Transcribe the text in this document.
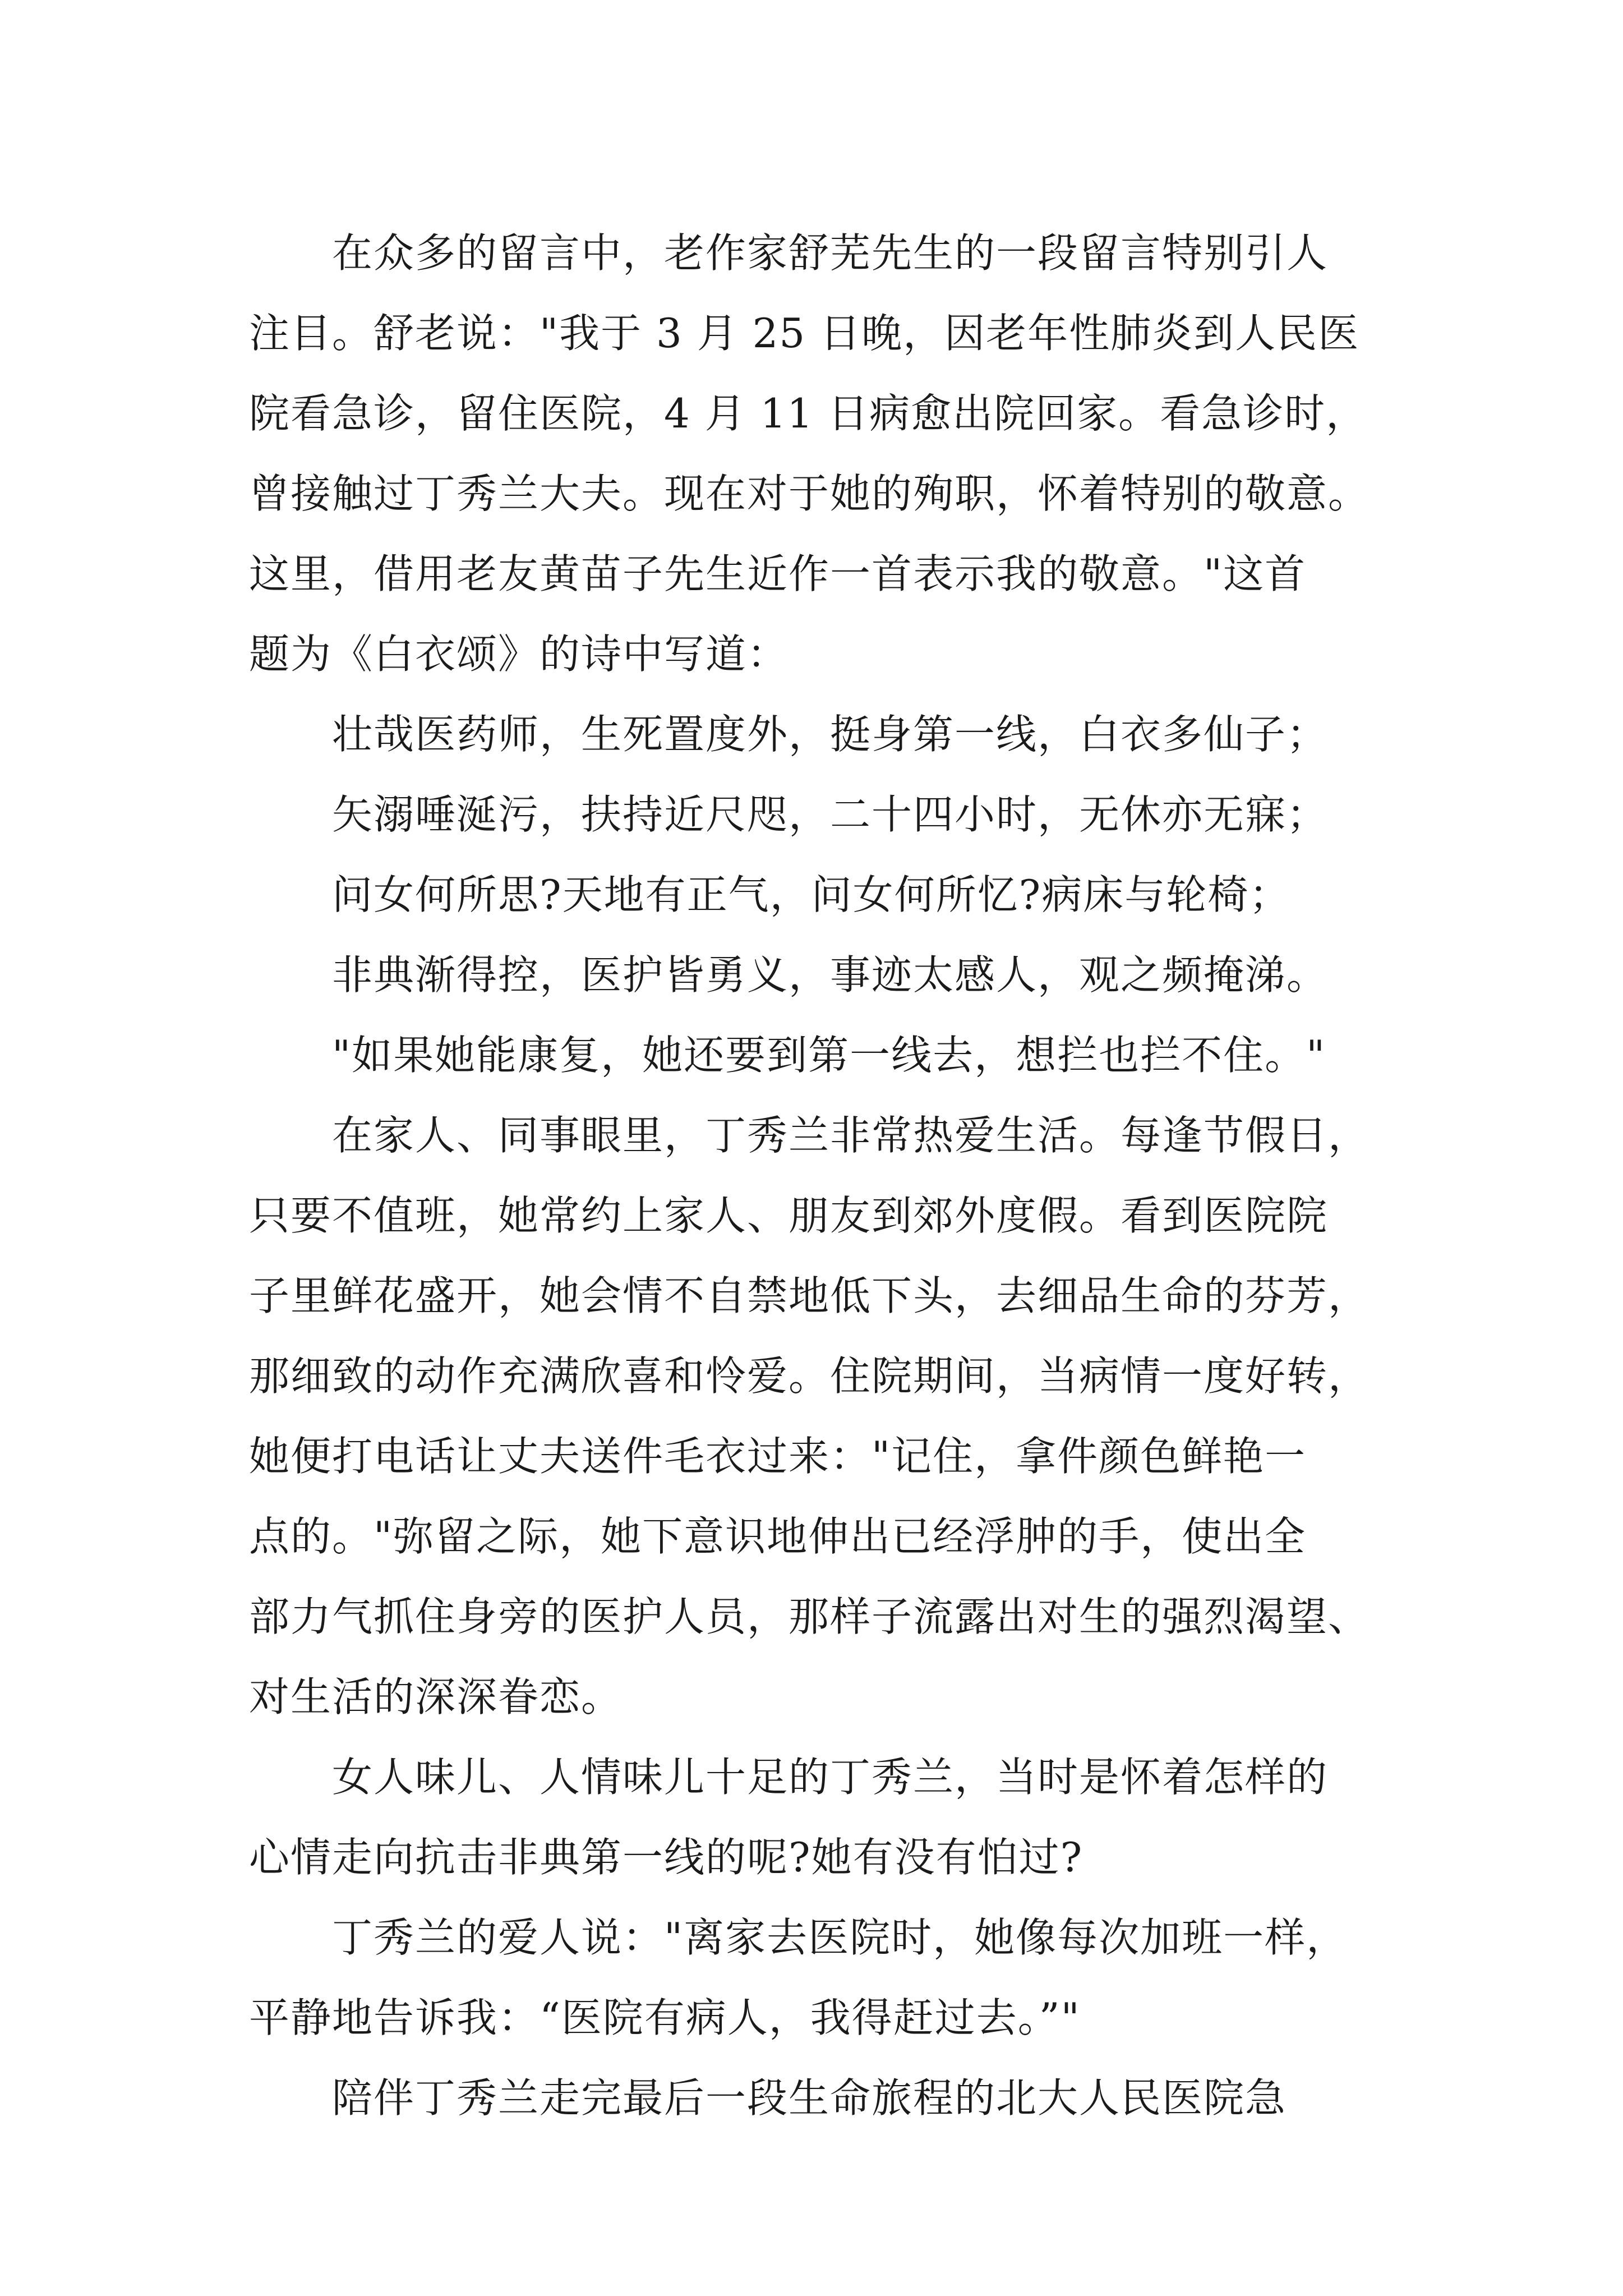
在众多的留言中，老作家舒芜先生的一段留言特别引人
注目。舒老说："我于 3 月 25 日晚，因老年性肺炎到人民医
院看急诊，留住医院，4 月 11 日病愈出院回家。看急诊时，
曾接触过丁秀兰大夫。现在对于她的殉职，怀着特别的敬意。
这里，借用老友黄苗子先生近作一首表示我的敬意。"这首
题为《白衣颂》的诗中写道：
壮哉医药师，生死置度外，挺身第一线，白衣多仙子；
矢溺唾涎污，扶持近尺咫，二十四小时，无休亦无寐；
问女何所思?天地有正气，问女何所忆?病床与轮椅；
非典渐得控，医护皆勇义，事迹太感人，观之频掩涕。
"如果她能康复，她还要到第一线去，想拦也拦不住。"
在家人、同事眼里，丁秀兰非常热爱生活。每逢节假日，
只要不值班，她常约上家人、朋友到郊外度假。看到医院院
子里鲜花盛开，她会情不自禁地低下头，去细品生命的芬芳，
那细致的动作充满欣喜和怜爱。住院期间，当病情一度好转，
她便打电话让丈夫送件毛衣过来："记住，拿件颜色鲜艳一
点的。"弥留之际，她下意识地伸出已经浮肿的手，使出全
部力气抓住身旁的医护人员，那样子流露出对生的强烈渴望、
对生活的深深眷恋。
女人味儿、人情味儿十足的丁秀兰，当时是怀着怎样的
心情走向抗击非典第一线的呢?她有没有怕过?
丁秀兰的爱人说："离家去医院时，她像每次加班一样，
平静地告诉我：“医院有病人，我得赶过去。”"
陪伴丁秀兰走完最后一段生命旅程的北大人民医院急
